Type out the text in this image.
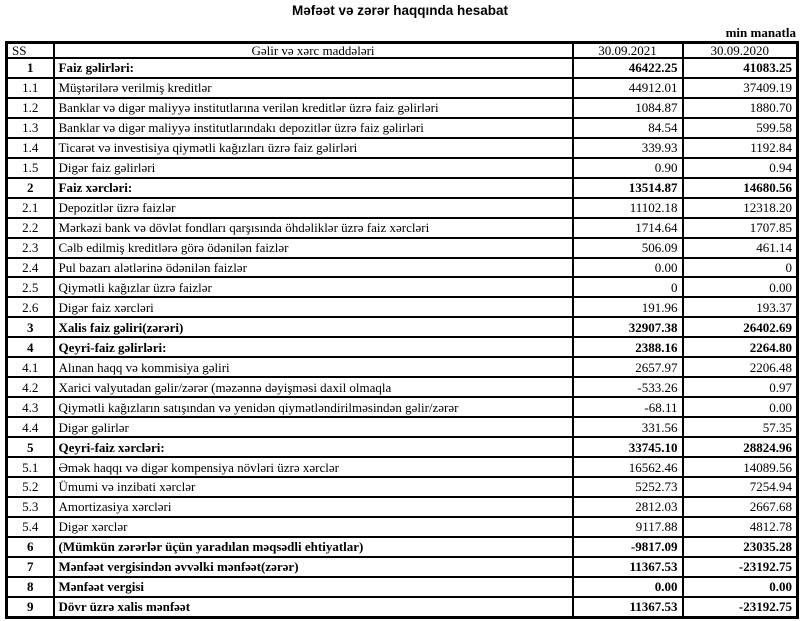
Məfəət və zərər haqqında hesabat
min manatla
SS	Gəlir və xərc maddələri	30.09.2021	30.09.2020
1	Faiz gəlirləri:	46422.25	41083.25
1.1	Müştərilərə verilmiş kreditlər	44912.01	37409.19
1.2	Banklar və digər maliyyə institutlarına verilən kreditlər üzrə faiz gəlirləri	1084.87	1880.70
1.3	Banklar və digər maliyyə institutlarındakı depozitlər üzrə faiz gəlirləri	84.54	599.58
1.4	Ticarət və investisiya qiymətli kağızları üzrə faiz gəlirləri	339.93	1192.84
1.5	Digər faiz gəlirləri	0.90	0.94
2	Faiz xərcləri:	13514.87	14680.56
2.1	Depozitlər üzrə faizlər	11102.18	12318.20
2.2	Mərkəzi bank və dövlət fondları qarşısında öhdəliklər üzrə faiz xərcləri	1714.64	1707.85
2.3	Cəlb edilmiş kreditlərə görə ödənilən faizlər	506.09	461.14
2.4	Pul bazarı alətlərinə ödənilən faizlər	0.00	0
2.5	Qiymətli kağızlar üzrə faizlər	0	0.00
2.6	Digər faiz xərcləri	191.96	193.37
3	Xalis faiz gəliri(zərəri)	32907.38	26402.69
4	Qeyri-faiz gəlirləri:	2388.16	2264.80
4.1	Alınan haqq və kommisiya gəliri	2657.97	2206.48
4.2	Xarici valyutadan gəlir/zərər (məzənnə dəyişməsi daxil olmaqla	-533.26	0.97
4.3	Qiymətli kağızların satışından və yenidən qiymətləndirilməsindən gəlir/zərər	-68.11	0.00
4.4	Digər gəlirlər	331.56	57.35
5	Qeyri-faiz xərcləri:	33745.10	28824.96
5.1	Əmək haqqı və digər kompensiya növləri üzrə xərclər	16562.46	14089.56
5.2	Ümumi və inzibati xərclər	5252.73	7254.94
5.3	Amortizasiya xərcləri	2812.03	2667.68
5.4	Digər xərclər	9117.88	4812.78
6	(Mümkün zərərlər üçün yaradılan məqsədli ehtiyatlar)	-9817.09	23035.28
7	Mənfəət vergisindən əvvəlki mənfəət(zərər)	11367.53	-23192.75
8	Mənfəət vergisi	0.00	0.00
9	Dövr üzrə xalis mənfəət	11367.53	-23192.75
